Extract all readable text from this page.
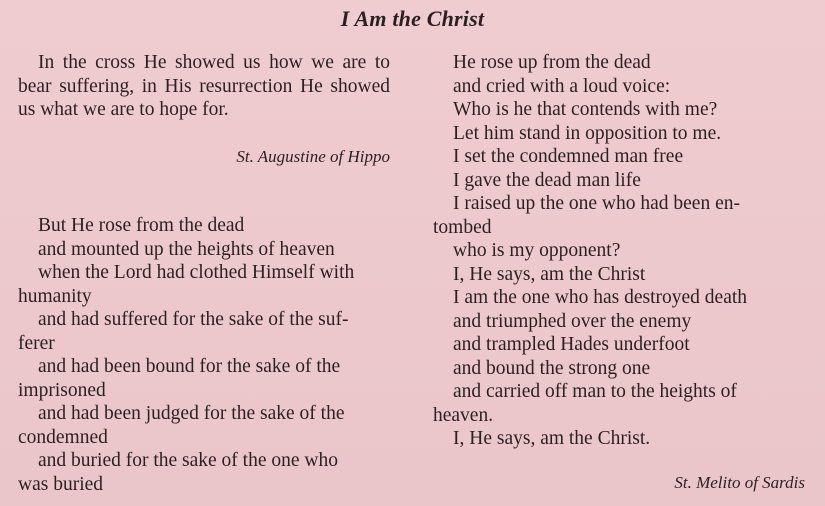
I Am the Christ
In the cross He showed us how we are to bear suffering, in His resurrection He showed us what we are to hope for.
St. Augustine of Hippo
But He rose from the dead
and mounted up the heights of heaven
when the Lord had clothed Himself with
humanity
and had suffered for the sake of the suf-
ferer
and had been bound for the sake of the
imprisoned
and had been judged for the sake of the
condemned
and buried for the sake of the one who
was buried
He rose up from the dead
and cried with a loud voice:
Who is he that contends with me?
Let him stand in opposition to me.
I set the condemned man free
I gave the dead man life
I raised up the one who had been en-
tombed
who is my opponent?
I, He says, am the Christ
I am the one who has destroyed death
and triumphed over the enemy
and trampled Hades underfoot
and bound the strong one
and carried off man to the heights of
heaven.
I, He says, am the Christ.
St. Melito of Sardis
